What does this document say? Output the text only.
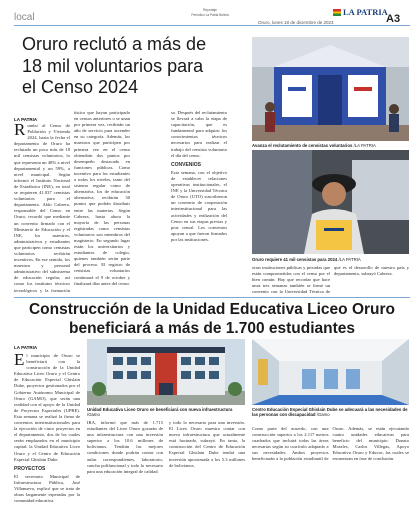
local
Reportaje
Periódico La Patria Bolivia	LA PATRIA
Oruro, lunes 18 de diciembre de 2023	A3
Oruro reclutó a más de 18 mil voluntarios para el Censo 2024
LA PATRIA
Rumbo al Censo de Población y Vivienda 2024, hasta la fecha el departamento de Oruro ha reclutado un poco más de 18 mil censistas voluntarios, lo que representa un 48% a nivel departamental y un 59%, a nivel municipal. Según informó el Instituto Nacional de Estadística (INE), en total se requieren 41.037 censistas voluntarios para el departamento. Aldo Cabrera, responsable del Censo en Oruro, recordó que mediante un convenio firmado con el Ministerio de Educación y el INE, los maestros, administrativos y estudiantes que participen como censistas voluntarios recibirán incentivos. En ese sentido, los maestros y personal administrativo del subsistema de educación regular, así como los institutos técnicos tecnológicos y la formación

tística que hayan participado en censos anteriores o se unan por primera vez, recibirán un año de servicio para ascender en su categoría. Además, los maestros que participen por primera vez en el censo obtendrán dos puntos por desempeño destacado en funciones públicas. Como incentivo para los estudiantes a todos los niveles, tanto del sistema regular como de alternativa, los de educación alternativa, recibirán 30 puntos que podrán distribuir entre las materias. Según Cabrera, hasta ahora la mayoría de las personas registradas como censistas voluntarios son miembros del magisterio. En segundo lugar están los universitarios y estudiantes de colegio, quienes también serán parte del proceso. El registro de censistas voluntarios continuará el 9 de octubre y finalizará días antes del censo.

so. Después del reclutamiento se llevará a cabo la etapa de capacitación, que es fundamental para adquirir los conocimientos técnicos necesarios para realizar el trabajo del censista voluntario el día del censo.

CONVENIOS

Esta semana, con el objetivo de establecer relaciones operativas institucionales, el INE y la Universidad Técnica de Oruro (UTO) suscribieron un convenio de cooperación interinstitucional para las actividades y realización del Censo en sus etapas previas y post censal. Los convenios apoyan a que fueron firmados por las instituciones.

Avanza el reclutamiento de censistas voluntarios /LA PATRIA
Oruro requiere 41 mil censistas para 2024 /LA PATRIA

otras instituciones públicas y privadas que están comprometidas con el censo por el bien común. Hay que recordar que hace unas tres semanas también se firmó un convenio con la Universidad Técnica de

que es el desarrollo de nuestro país y departamento, subrayó Cabrera.

Construcción de la Unidad Educativa Liceo Oruro beneficiará a más de 1.700 estudiantes
LA PATRIA
El municipio de Oruro se beneficiará con la construcción de la Unidad Educativa Liceo Oruro y el Centro de Educación Especial Ghislain Dube, proyectos gestionados por el Gobierno Autónomo Municipal de Oruro (GAMO), que serán una realidad con el apoyo de la Unidad de Proyectos Especiales (UPRE). Esta semana se realizó la firma de convenios interinstitucionales para la ejecución de cinco proyectos en el departamento, dos de los cuales serán emplazados en el municipio capital: la Unidad Educativa Liceo Oruro y el Centro de Educación Especial Ghislain Dube.
PROYECTOS

El secretario Municipal de Infraestructura Pública, José Villanueva, explicó que se trata de obras largamente esperadas por la comunidad educativa.

Unidad Educativa Liceo Oruro se beneficiará con nueva infraestructura /Gamo

IRA, informó que más de 1.715 estudiantes del Liceo Oruro gozarán de una infraestructura con una inversión superior a los 10.6 millones de bolivianos. Tendrán las mejores condiciones donde podrán contar con aulas correspondientes, laboratorio, cancha polifuncional y todo lo necesario para una educación integral de calidad.

y todo lo necesario para una inversión. El Liceo Oruro muestra contar con nueva infraestructura que actualmente está hacinado, subrayó. En tanto, la construcción del Centro de Educación Especial Ghislain Dube tendrá una inversión aproximada a los 5.3 millones de bolivianos.

Centro Educación Especial Ghislain Dube se adecuará a las necesidades de las personas con discapacidad /Gamo

Como parte del acuerdo, con una construcción superior a los 2.117 metros cuadrados que incluirá todas las áreas necesarias según su currículo adaptado a sus necesidades. Ambos proyectos beneficiarán a la población estudiantil de Oruro. Además, se están ejecutando cuatro unidades educativas para beneficio del municipio: Donato Morales, Carlos Villegas, Apoyo Educativo Oruro y Eduvac, las cuales se encuentran en fase de conclusión.
